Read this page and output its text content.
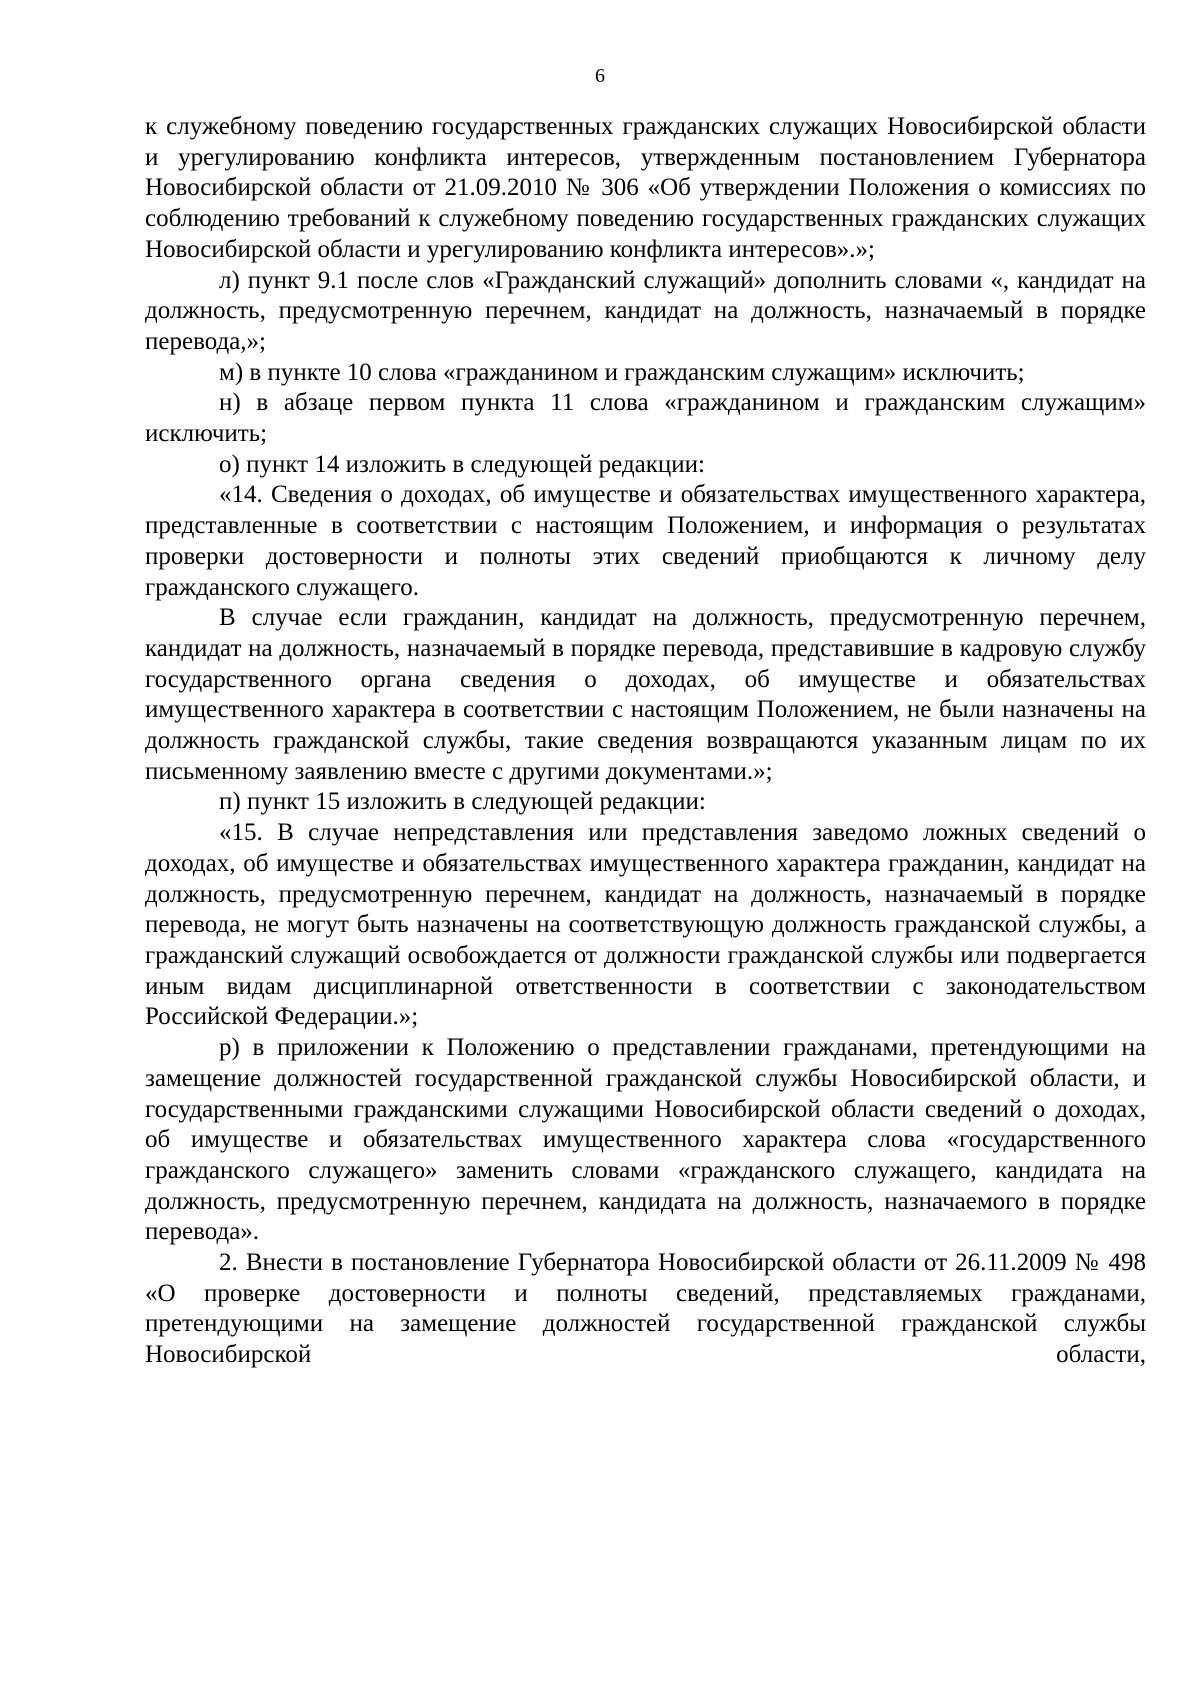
6

к служебному поведению государственных гражданских служащих Новосибирской области и урегулированию конфликта интересов, утвержденным постановлением Губернатора Новосибирской области от 21.09.2010 № 306 «Об утверждении Положения о комиссиях по соблюдению требований к служебному поведению государственных гражданских служащих Новосибирской области и урегулированию конфликта интересов».»;

л) пункт 9.1 после слов «Гражданский служащий» дополнить словами «, кандидат на должность, предусмотренную перечнем, кандидат на должность, назначаемый в порядке перевода,»;

м) в пункте 10 слова «гражданином и гражданским служащим» исключить;

н) в абзаце первом пункта 11 слова «гражданином и гражданским служащим» исключить;

о) пункт 14 изложить в следующей редакции:

«14. Сведения о доходах, об имуществе и обязательствах имущественного характера, представленные в соответствии с настоящим Положением, и информация о результатах проверки достоверности и полноты этих сведений приобщаются к личному делу гражданского служащего.

В случае если гражданин, кандидат на должность, предусмотренную перечнем, кандидат на должность, назначаемый в порядке перевода, представившие в кадровую службу государственного органа сведения о доходах, об имуществе и обязательствах имущественного характера в соответствии с настоящим Положением, не были назначены на должность гражданской службы, такие сведения возвращаются указанным лицам по их письменному заявлению вместе с другими документами.»;

п) пункт 15 изложить в следующей редакции:

«15. В случае непредставления или представления заведомо ложных сведений о доходах, об имуществе и обязательствах имущественного характера гражданин, кандидат на должность, предусмотренную перечнем, кандидат на должность, назначаемый в порядке перевода, не могут быть назначены на соответствующую должность гражданской службы, а гражданский служащий освобождается от должности гражданской службы или подвергается иным видам дисциплинарной ответственности в соответствии с законодательством Российской Федерации.»;

р) в приложении к Положению о представлении гражданами, претендующими на замещение должностей государственной гражданской службы Новосибирской области, и государственными гражданскими служащими Новосибирской области сведений о доходах, об имуществе и обязательствах имущественного характера слова «государственного гражданского служащего» заменить словами «гражданского служащего, кандидата на должность, предусмотренную перечнем, кандидата на должность, назначаемого в порядке перевода».

2. Внести в постановление Губернатора Новосибирской области от 26.11.2009 № 498 «О проверке достоверности и полноты сведений, представляемых гражданами, претендующими на замещение должностей государственной гражданской службы Новосибирской области,
